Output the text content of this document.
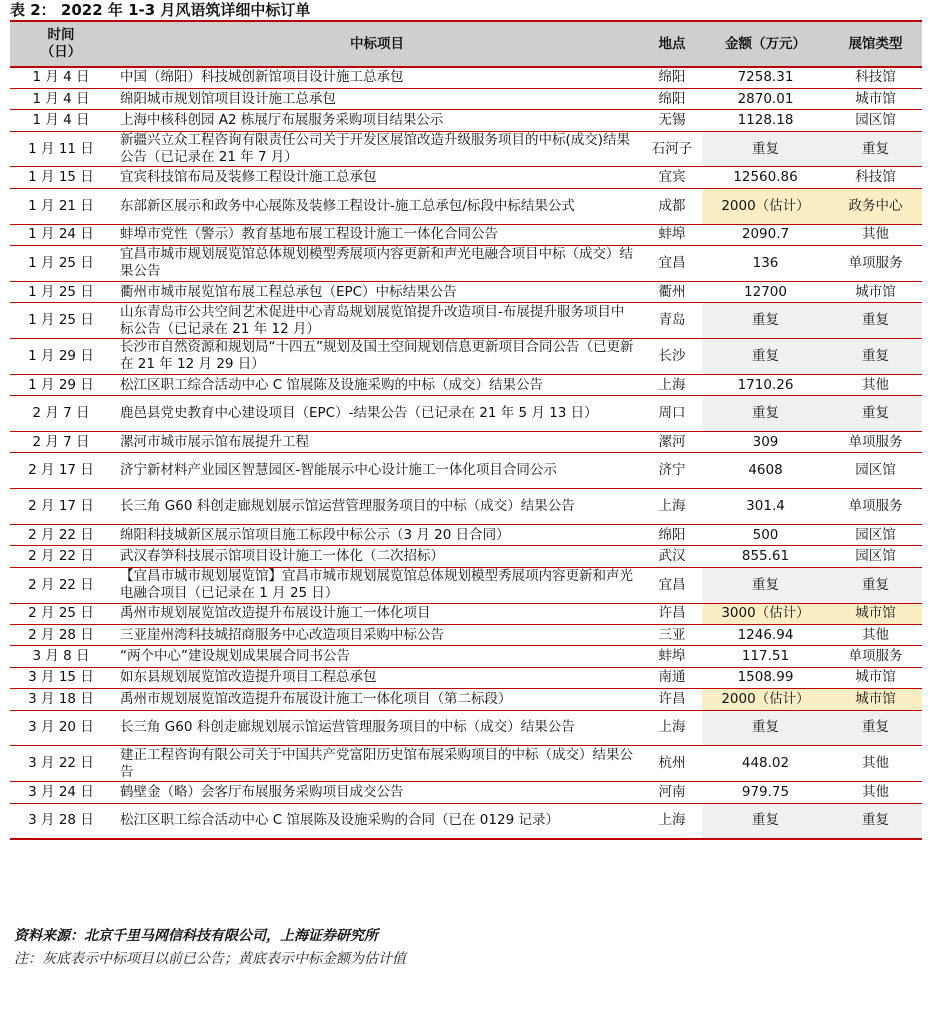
表 2： 2022 年 1-3 月风语筑详细中标订单
时间
（日）	中标项目	地点	金额（万元）	展馆类型
1 月 4 日	中国（绵阳）科技城创新馆项目设计施工总承包	绵阳	7258.31	科技馆
1 月 4 日	绵阳城市规划馆项目设计施工总承包	绵阳	2870.01	城市馆
1 月 4 日	上海中核科创园 A2 栋展厅布展服务采购项目结果公示	无锡	1128.18	园区馆
1 月 11 日	新疆兴立众工程咨询有限责任公司关于开发区展馆改造升级服务项目的中标(成交)结果公告（已记录在 21 年 7 月）	石河子	重复	重复
1 月 15 日	宜宾科技馆布局及装修工程设计施工总承包	宜宾	12560.86	科技馆
1 月 21 日	东部新区展示和政务中心展陈及装修工程设计-施工总承包/标段中标结果公式	成都	2000（估计）	政务中心
1 月 24 日	蚌埠市党性（警示）教育基地布展工程设计施工一体化合同公告	蚌埠	2090.7	其他
1 月 25 日	宜昌市城市规划展览馆总体规划模型秀展项内容更新和声光电融合项目中标（成交）结果公告	宜昌	136	单项服务
1 月 25 日	衢州市城市展览馆布展工程总承包（EPC）中标结果公告	衢州	12700	城市馆
1 月 25 日	山东青岛市公共空间艺术促进中心青岛规划展览馆提升改造项目-布展提升服务项目中标公告（已记录在 21 年 12 月）	青岛	重复	重复
1 月 29 日	长沙市自然资源和规划局“十四五”规划及国土空间规划信息更新项目合同公告（已更新在 21 年 12 月 29 日）	长沙	重复	重复
1 月 29 日	松江区职工综合活动中心 C 馆展陈及设施采购的中标（成交）结果公告	上海	1710.26	其他
2 月 7 日	鹿邑县党史教育中心建设项目（EPC）-结果公告（已记录在 21 年 5 月 13 日）	周口	重复	重复
2 月 7 日	漯河市城市展示馆布展提升工程	漯河	309	单项服务
2 月 17 日	济宁新材料产业园区智慧园区-智能展示中心设计施工一体化项目合同公示	济宁	4608	园区馆
2 月 17 日	长三角 G60 科创走廊规划展示馆运营管理服务项目的中标（成交）结果公告	上海	301.4	单项服务
2 月 22 日	绵阳科技城新区展示馆项目施工标段中标公示（3 月 20 日合同）	绵阳	500	园区馆
2 月 22 日	武汉春笋科技展示馆项目设计施工一体化（二次招标）	武汉	855.61	园区馆
2 月 22 日	【宜昌市城市规划展览馆】宜昌市城市规划展览馆总体规划模型秀展项内容更新和声光电融合项目（已记录在 1 月 25 日）	宜昌	重复	重复
2 月 25 日	禹州市规划展览馆改造提升布展设计施工一体化项目	许昌	3000（估计）	城市馆
2 月 28 日	三亚崖州湾科技城招商服务中心改造项目采购中标公告	三亚	1246.94	其他
3 月 8 日	“两个中心”建设规划成果展合同书公告	蚌埠	117.51	单项服务
3 月 15 日	如东县规划展览馆改造提升项目工程总承包	南通	1508.99	城市馆
3 月 18 日	禹州市规划展览馆改造提升布展设计施工一体化项目（第二标段）	许昌	2000（估计）	城市馆
3 月 20 日	长三角 G60 科创走廊规划展示馆运营管理服务项目的中标（成交）结果公告	上海	重复	重复
3 月 22 日	建正工程咨询有限公司关于中国共产党富阳历史馆布展采购项目的中标（成交）结果公告	杭州	448.02	其他
3 月 24 日	鹤壁金（略）会客厅布展服务采购项目成交公告	河南	979.75	其他
3 月 28 日	松江区职工综合活动中心 C 馆展陈及设施采购的合同（已在 0129 记录）	上海	重复	重复
资料来源：北京千里马网信科技有限公司，上海证券研究所
注：灰底表示中标项目以前已公告；黄底表示中标金额为估计值
